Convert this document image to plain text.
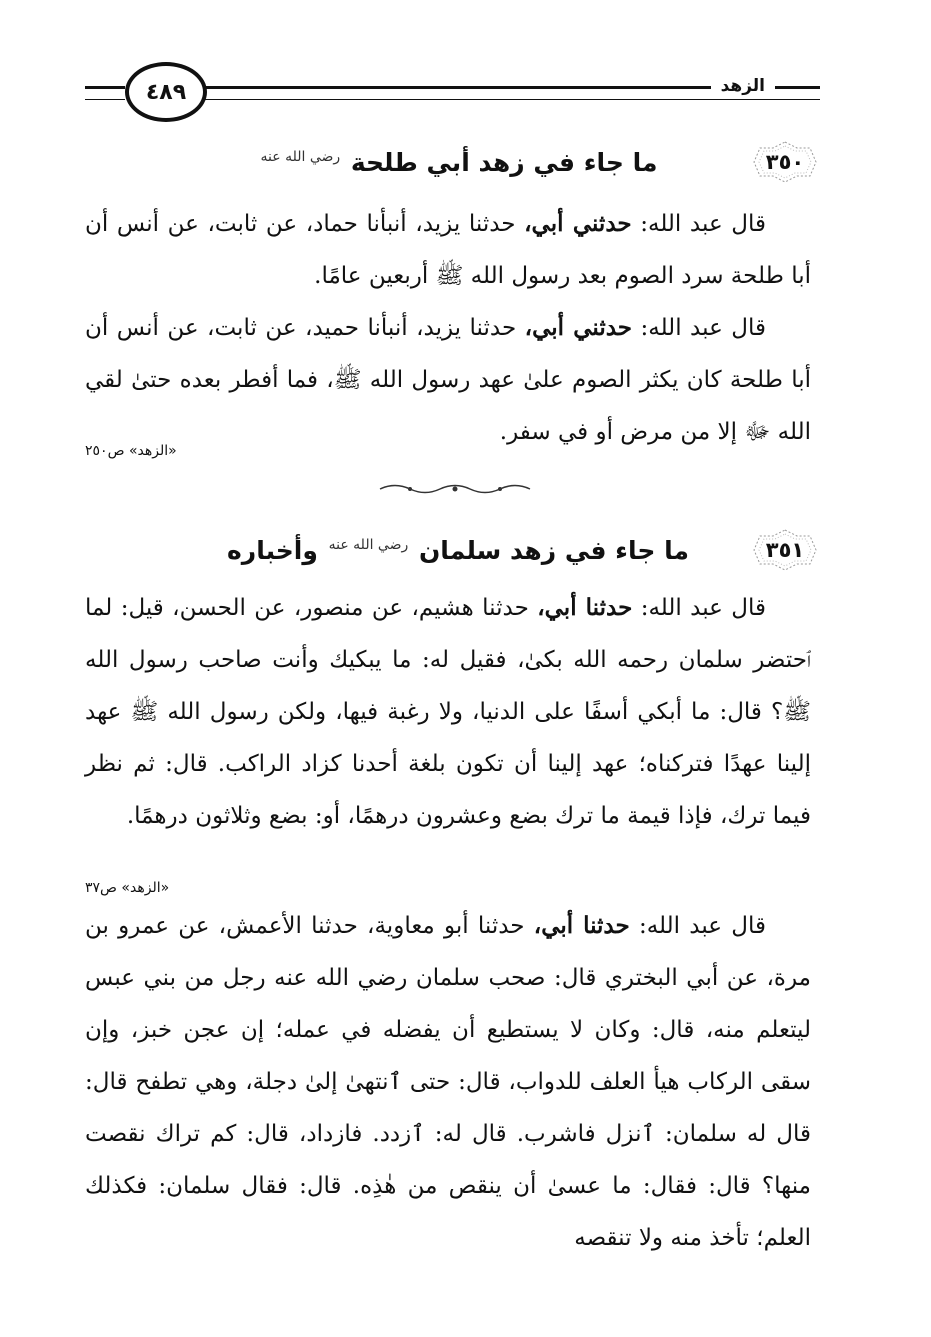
الزهد
٤٨٩
٣٥٠
ما جاء في زهد أبي طلحة $^{رضي الله عنه}$

قال عبد الله: حدثني أبي، حدثنا يزيد، أنبأنا حماد، عن ثابت، عن أنس أن أبا طلحة سرد الصوم بعد رسول الله ﷺ أربعين عامًا.

قال عبد الله: حدثني أبي، حدثنا يزيد، أنبأنا حميد، عن ثابت، عن أنس أن أبا طلحة كان يكثر الصوم علىٰ عهد رسول الله ﷺ، فما أفطر بعده حتىٰ لقي الله ﷻ إلا من مرض أو في سفر.

«الزهد» ص٢٥٠
٣٥١
ما جاء في زهد سلمان $^{رضي الله عنه}$ وأخباره

قال عبد الله: حدثنا أبي، حدثنا هشيم، عن منصور، عن الحسن، قيل: لما ٱحتضر سلمان رحمه الله بكىٰ، فقيل له: ما يبكيك وأنت صاحب رسول الله ﷺ؟ قال: ما أبكي أسفًا على الدنيا، ولا رغبة فيها، ولكن رسول الله ﷺ عهد إلينا عهدًا فتركناه؛ عهد إلينا أن تكون بلغة أحدنا كزاد الراكب. قال: ثم نظر فيما ترك، فإذا قيمة ما ترك بضع وعشرون درهمًا، أو: بضع وثلاثون درهمًا.

«الزهد» ص٣٧

قال عبد الله: حدثنا أبي، حدثنا أبو معاوية، حدثنا الأعمش، عن عمرو بن مرة، عن أبي البختري قال: صحب سلمان رضي الله عنه رجل من بني عبس ليتعلم منه، قال: وكان لا يستطيع أن يفضله في عمله؛ إن عجن خبز، وإن سقى الركاب هيأ العلف للدواب، قال: حتى ٱنتهىٰ إلىٰ دجلة، وهي تطفح قال: قال له سلمان: ٱنزل فاشرب. قال له: ٱزدد. فازداد، قال: كم تراك نقصت منها؟ قال: فقال: ما عسىٰ أن ينقص من هٰذِه. قال: فقال سلمان: فكذلك العلم؛ تأخذ منه ولا تنقصه
